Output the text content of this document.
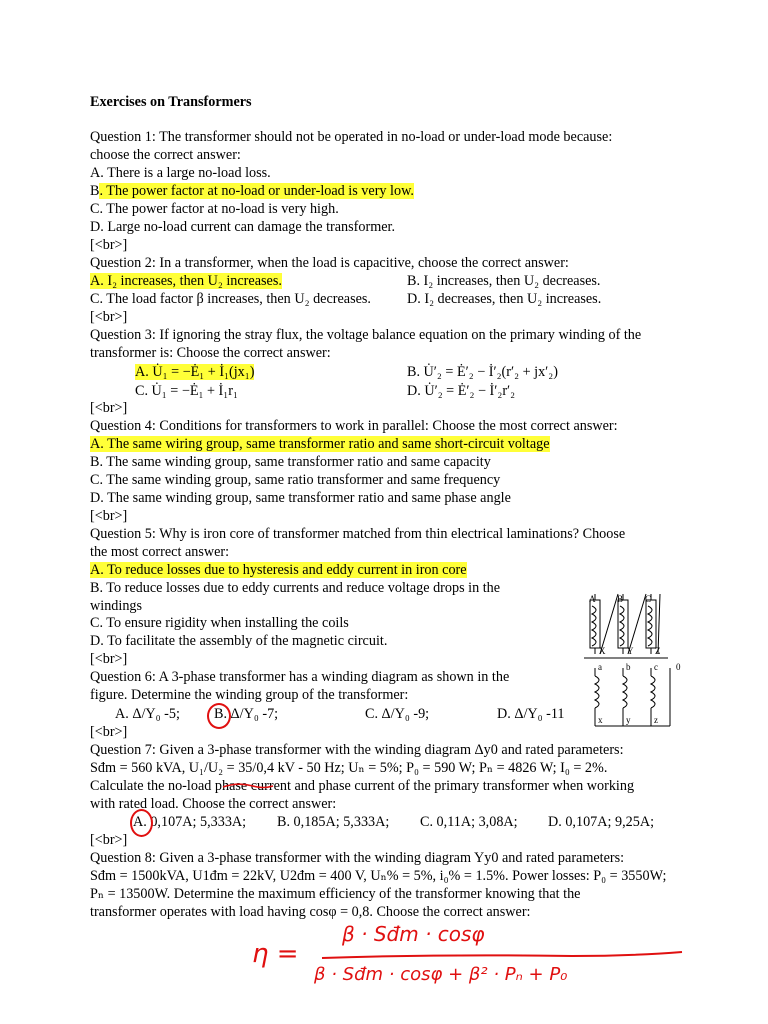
Exercises on Transformers
Question 1: The transformer should not be operated in no-load or under-load mode because:
choose the correct answer:
A. There is a large no-load loss.
B. The power factor at no-load or under-load is very low.
C. The power factor at no-load is very high.
D. Large no-load current can damage the transformer.
[<br>]
Question 2: In a transformer, when the load is capacitive, choose the correct answer:
A. I₂ increases, then U₂ increases.	B. I₂ increases, then U₂ decreases.
C. The load factor β increases, then U₂ decreases.	D. I₂ decreases, then U₂ increases.
[<br>]
Question 3: If ignoring the stray flux, the voltage balance equation on the primary winding of the
transformer is: Choose the correct answer:
A. U̇₁ = −Ė₁ + İ₁(jx₁)	B. U̇′₂ = Ė′₂ − İ′₂(r′₂ + jx′₂)
C. U̇₁ = −Ė₁ + İ₁r₁	D. U̇′₂ = Ė′₂ − İ′₂r′₂
[<br>]
Question 4: Conditions for transformers to work in parallel: Choose the most correct answer:
A. The same wiring group, same transformer ratio and same short-circuit voltage
B. The same winding group, same transformer ratio and same capacity
C. The same winding group, same ratio transformer and same frequency
D. The same winding group, same transformer ratio and same phase angle
[<br>]
Question 5: Why is iron core of transformer matched from thin electrical laminations? Choose
the most correct answer:
A. To reduce losses due to hysteresis and eddy current in iron core
B. To reduce losses due to eddy currents and reduce voltage drops in the
windings
C. To ensure rigidity when installing the coils
D. To facilitate the assembly of the magnetic circuit.
[<br>]
Question 6: A 3-phase transformer has a winding diagram as shown in the
figure. Determine the winding group of the transformer:
A. Δ/Y₀ -5; B. Δ/Y₀ -7;	C. Δ/Y₀ -9;	D. Δ/Y₀ -11
[<br>]
A B C
X Y Z
a	b	c 0
x	y	z
Question 7: Given a 3-phase transformer with the winding diagram Δy0 and rated parameters:
Sđm = 560 kVA, U₁/U₂ = 35/0,4 kV - 50 Hz; Uₙ = 5%; P₀ = 590 W; Pₙ = 4826 W; I₀ = 2%.
Calculate the no-load phase current and phase current of the primary transformer when working
with rated load. Choose the correct answer:
A. 0,107A; 5,333A; B. 0,185A; 5,333A; C. 0,11A; 3,08A; D. 0,107A; 9,25A;
[<br>]
Question 8: Given a 3-phase transformer with the winding diagram Yy0 and rated parameters:
Sđm = 1500kVA, U1đm = 22kV, U2đm = 400 V, Uₙ% = 5%, i₀% = 1.5%. Power losses: P₀ = 3550W;
Pₙ = 13500W. Determine the maximum efficiency of the transformer knowing that the
transformer operates with load having cosφ = 0,8. Choose the correct answer:
η =
β · Sđm · cosφ
β · Sđm · cosφ + β² · Pₙ + P₀
